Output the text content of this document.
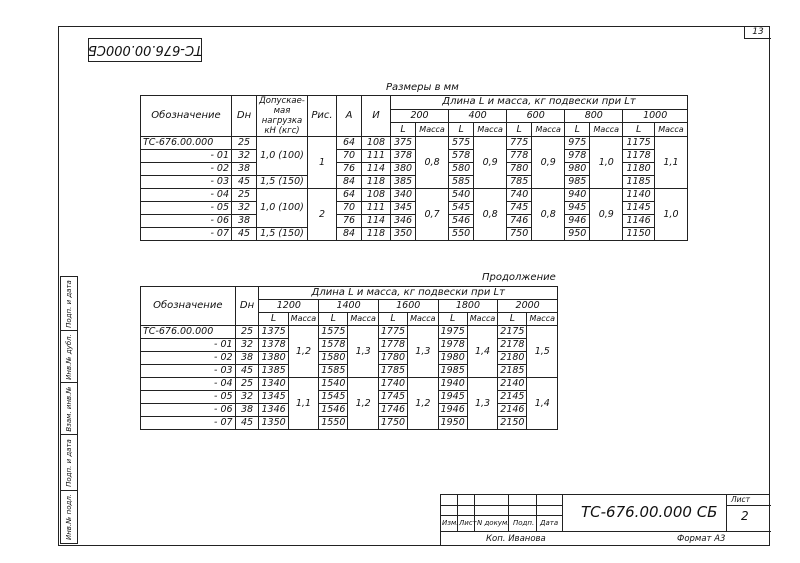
13
ТС-676.00.000СБ
Размеры в мм
Обозначение	Dн	Допускае-мая нагрузка кН (кгс)	Рис.	А	И	Длина L и масса, кг подвески при Lт									
						200		400		600		800		1000	
						L	Масса	L	Масса	L	Масса	L	Масса	L	Масса
ТС-676.00.000	25	1,0 (100)	1	64	108	375	0,8	575	0,9	775	0,9	975	1,0	1175	1,1
- 01	32			70	111	378		578		778		978		1178	
- 02	38			76	114	380		580		780		980		1180	
- 03	45	1,5 (150)		84	118	385		585		785		985		1185	
- 04	25	1,0 (100)	2	64	108	340	0,7	540	0,8	740	0,8	940	0,9	1140	1,0
- 05	32			70	111	345		545		745		945		1145	
- 06	38			76	114	346		546		746		946		1146	
- 07	45	1,5 (150)		84	118	350		550		750		950		1150	
Продолжение
Обозначение	Dн	Длина L и масса, кг подвески при Lт									
		1200		1400		1600		1800		2000	
		L	Масса	L	Масса	L	Масса	L	Масса	L	Масса
ТС-676.00.000	25	1375	1,2	1575	1,3	1775	1,3	1975	1,4	2175	1,5
- 01	32	1378		1578		1778		1978		2178	
- 02	38	1380		1580		1780		1980		2180	
- 03	45	1385		1585		1785		1985		2185	
- 04	25	1340	1,1	1540	1,2	1740	1,2	1940	1,3	2140	1,4
- 05	32	1345		1545		1745		1945		2145	
- 06	38	1346		1546		1746		1946		2146	
- 07	45	1350		1550		1750		1950		2150	
Подп. и дата
Инв.№ дубл.
Взам. инв.№
Подп. и дата
Инв.№ подл.	Изм. Лист N докум. Подп. Дата
ТС-676.00.000 СБ
Лист
2
Коп. Иванова	Формат А3
